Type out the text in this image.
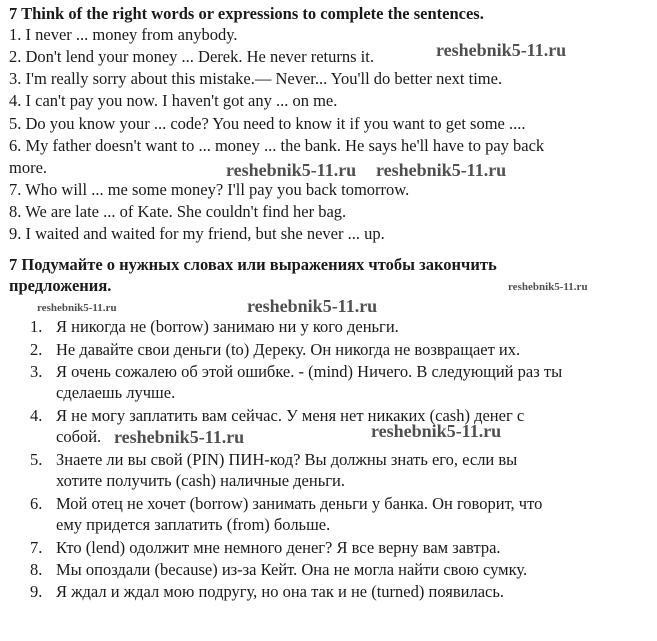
7 Think of the right words or expressions to complete the sentences.
1. I never ... money from anybody.
2. Don't lend your money ... Derek. He never returns it.
3. I'm really sorry about this mistake.— Never... You'll do better next time.
4. I can't pay you now. I haven't got any ... on me.
5. Do you know your ... code? You need to know it if you want to get some ....
6. My father doesn't want to ... money ... the bank. He says he'll have to pay back
more.
7. Who will ... me some money? I'll pay you back tomorrow.
8. We are late ... of Kate. She couldn't find her bag.
9. I waited and waited for my friend, but she never ... up.
7 Подумайте о нужных словах или выражениях чтобы закончить
предложения.
1. Я никогда не (borrow) занимаю ни у кого деньги.
2. Не давайте свои деньги (to) Дереку. Он никогда не возвращает их.
3. Я очень сожалею об этой ошибке. - (mind) Ничего. В следующий раз ты
сделаешь лучше.
4. Я не могу заплатить вам сейчас. У меня нет никаких (cash) денег с
собой.
5. Знаете ли вы свой (PIN) ПИН-код? Вы должны знать его, если вы
хотите получить (cash) наличные деньги.
6. Мой отец не хочет (borrow) занимать деньги у банка. Он говорит, что
ему придется заплатить (from) больше.
7. Кто (lend) одолжит мне немного денег? Я все верну вам завтра.
8. Мы опоздали (because) из-за Кейт. Она не могла найти свою сумку.
9. Я ждал и ждал мою подругу, но она так и не (turned) появилась.
reshebnik5-11.ru
reshebnik5-11.ru reshebnik5-11.ru
reshebnik5-11.ru
reshebnik5-11.ru	reshebnik5-11.ru
reshebnik5-11.ru	reshebnik5-11.ru
